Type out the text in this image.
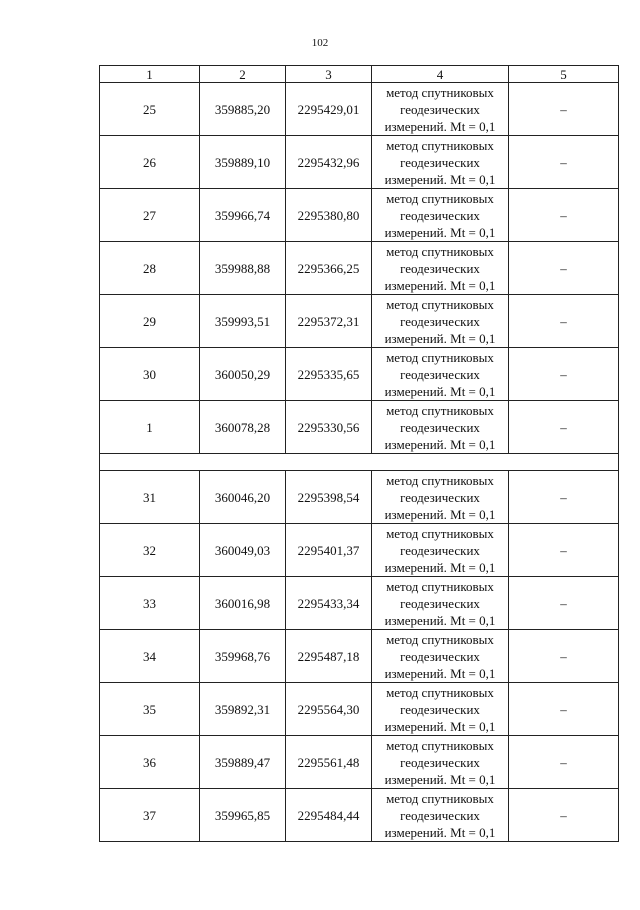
102
1	2	3	4	5
25	359885,20	2295429,01	метод спутниковых
геодезических
измерений. Mt = 0,1	–
26	359889,10	2295432,96	метод спутниковых
геодезических
измерений. Mt = 0,1	–
27	359966,74	2295380,80	метод спутниковых
геодезических
измерений. Mt = 0,1	–
28	359988,88	2295366,25	метод спутниковых
геодезических
измерений. Mt = 0,1	–
29	359993,51	2295372,31	метод спутниковых
геодезических
измерений. Mt = 0,1	–
30	360050,29	2295335,65	метод спутниковых
геодезических
измерений. Mt = 0,1	–
1	360078,28	2295330,56	метод спутниковых
геодезических
измерений. Mt = 0,1	–

31	360046,20	2295398,54	метод спутниковых
геодезических
измерений. Mt = 0,1	–
32	360049,03	2295401,37	метод спутниковых
геодезических
измерений. Mt = 0,1	–
33	360016,98	2295433,34	метод спутниковых
геодезических
измерений. Mt = 0,1	–
34	359968,76	2295487,18	метод спутниковых
геодезических
измерений. Mt = 0,1	–
35	359892,31	2295564,30	метод спутниковых
геодезических
измерений. Mt = 0,1	–
36	359889,47	2295561,48	метод спутниковых
геодезических
измерений. Mt = 0,1	–
37	359965,85	2295484,44	метод спутниковых
геодезических
измерений. Mt = 0,1	–
